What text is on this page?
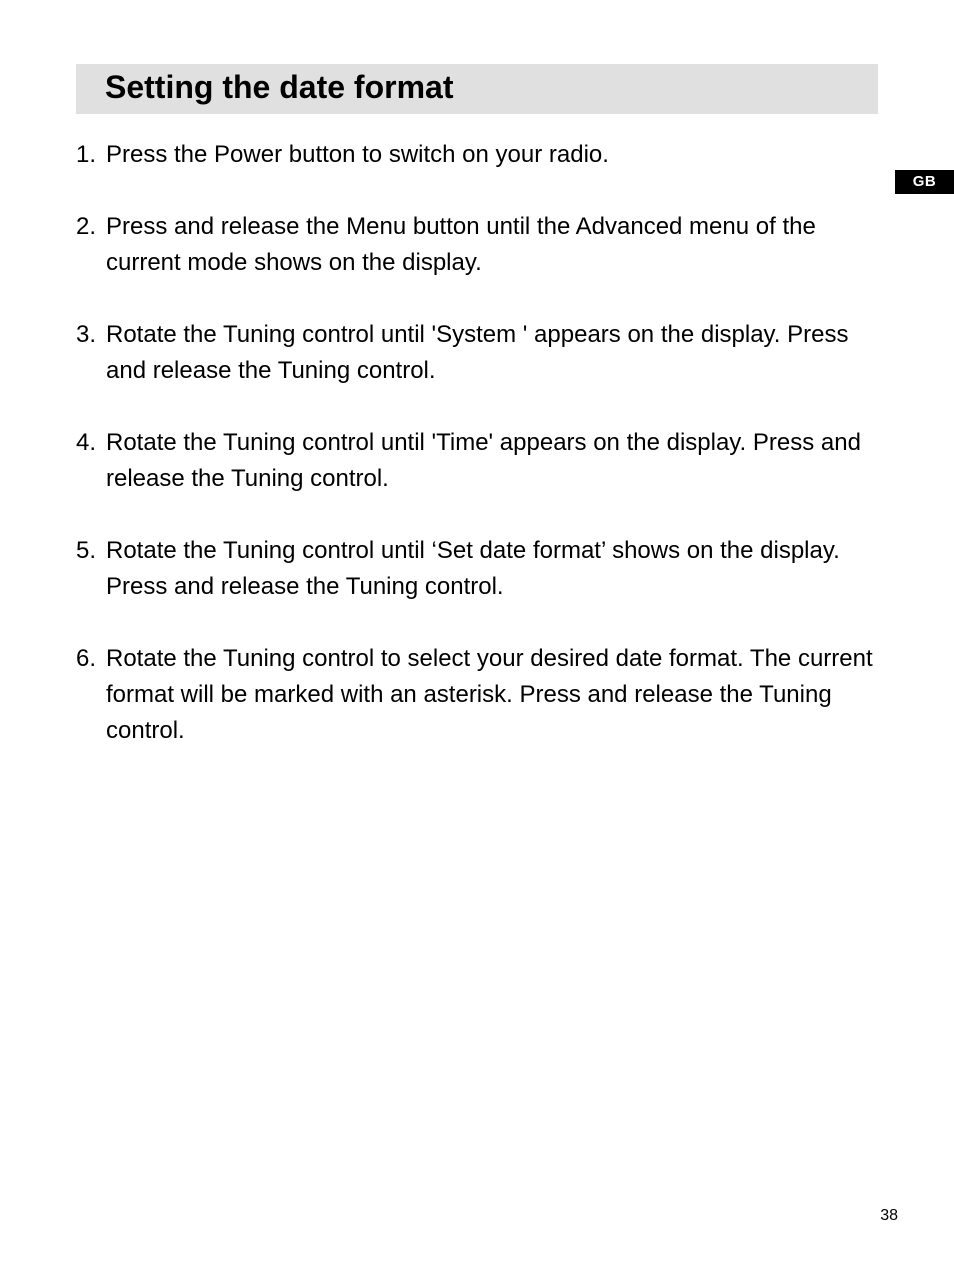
Setting the date format
GB
1. Press the Power button to switch on your radio.
2. Press and release the Menu button until the Advanced menu of the current mode shows on the display.
3. Rotate the Tuning control until 'System ' appears on the display. Press and release the Tuning control.
4. Rotate the Tuning control until 'Time' appears on the display. Press and release the Tuning control.
5. Rotate the Tuning control until ‘Set date format’ shows on the display. Press and release the Tuning control.
6. Rotate the Tuning control to select your desired date format. The current format will be marked with an asterisk. Press and release the Tuning control.
38
